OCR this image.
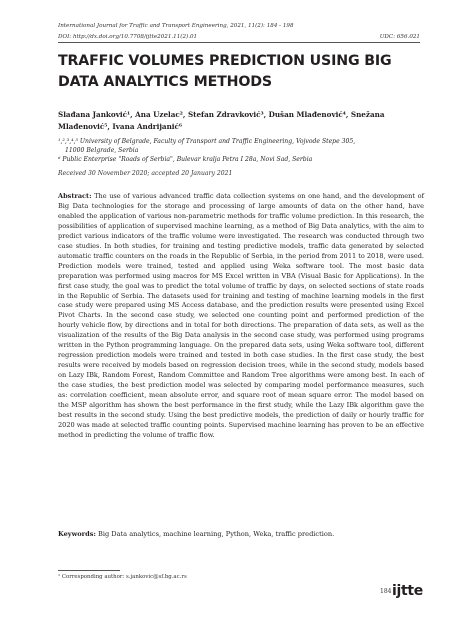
International Journal for Traffic and Transport Engineering, 2021, 11(2): 184 - 198
DOI: http://dx.doi.org/10.7708/ijtte2021.11(2).01	UDC: 656.021
TRAFFIC VOLUMES PREDICTION USING BIG DATA ANALYTICS METHODS
Slađana Janković¹, Ana Uzelac², Stefan Zdravković³, Dušan Mlađenović⁴, Snežana
Mlađenović⁵, Ivana Andrijanić⁶
¹,²,³,⁴,⁵ University of Belgrade, Faculty of Transport and Traffic Engineering, Vojvode Stepe 305,
11000 Belgrade, Serbia
⁶ Public Enterprise "Roads of Serbia", Bulevar kralja Petra I 28a, Novi Sad, Serbia
Received 30 November 2020; accepted 20 January 2021

Abstract: The use of various advanced traffic data collection systems on one hand, and the development of Big Data technologies for the storage and processing of large amounts of data on the other hand, have enabled the application of various non-parametric methods for traffic volume prediction. In this research, the possibilities of application of supervised machine learning, as a method of Big Data analytics, with the aim to predict various indicators of the traffic volume were investigated. The research was conducted through two case studies. In both studies, for training and testing predictive models, traffic data generated by selected automatic traffic counters on the roads in the Republic of Serbia, in the period from 2011 to 2018, were used. Prediction models were trained, tested and applied using Weka software tool. The most basic data preparation was performed using macros for MS Excel written in VBA (Visual Basic for Applications). In the first case study, the goal was to predict the total volume of traffic by days, on selected sections of state roads in the Republic of Serbia. The datasets used for training and testing of machine learning models in the first case study were prepared using MS Access database, and the prediction results were presented using Excel Pivot Charts. In the second case study, we selected one counting point and performed prediction of the hourly vehicle flow, by directions and in total for both directions. The preparation of data sets, as well as the visualization of the results of the Big Data analysis in the second case study, was performed using programs written in the Python programming language. On the prepared data sets, using Weka software tool, different regression prediction models were trained and tested in both case studies. In the first case study, the best results were received by models based on regression decision trees, while in the second study, models based on Lazy IBk, Random Forest, Random Committee and Random Tree algorithms were among best. In each of the case studies, the best prediction model was selected by comparing model performance measures, such as: correlation coefficient, mean absolute error, and square root of mean square error. The model based on the MSP algorithm has shown the best performance in the first study, while the Lazy IBk algorithm gave the best results in the second study. Using the best predictive models, the prediction of daily or hourly traffic for 2020 was made at selected traffic counting points. Supervised machine learning has proven to be an effective method in predicting the volume of traffic flow.

Keywords: Big Data analytics, machine learning, Python, Weka, traffic prediction.
¹ Corresponding author: s.jankovic@sf.bg.ac.rs
184 ijtte
